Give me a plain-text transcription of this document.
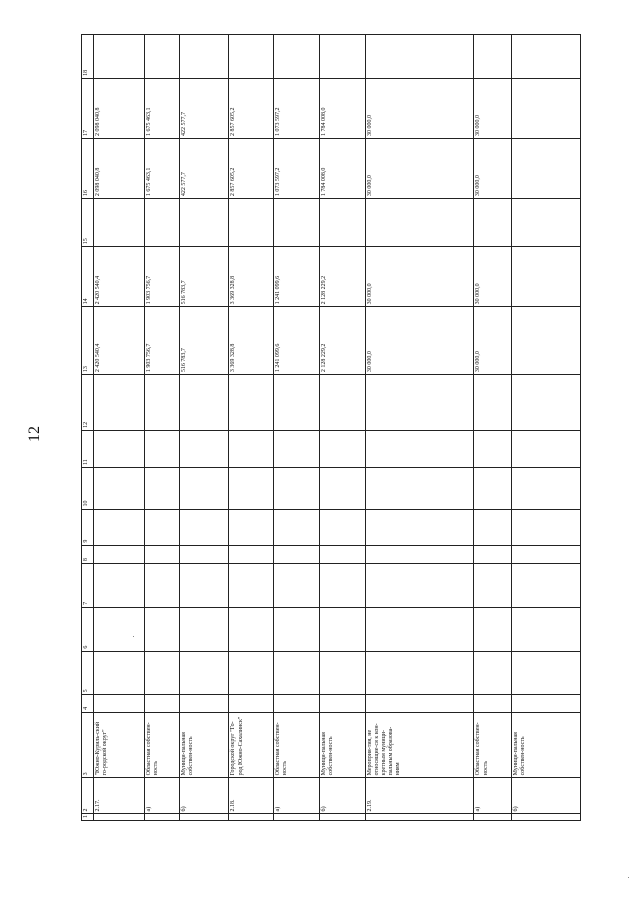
12
1	2	3	4	5	6	7	8	9	10	11	12	13	14	15	16	17	18
	2.17.	"Южно-Куриль-ский го-родской округ"										2 420 540,4	2 420 540,4		2 098 040,8	2 098 040,8	
	а)	Областная собствен-ность										1 903 756,7	1 903 756,7		1 675 463,1	1 675 463,1	
	б)	Муници-пальная собствен-ность										516 783,7	516 783,7		422 577,7	422 577,7	
	2.18.	Городской округ "Го-род Южно-Сахалинск"										3 369 328,8	3 369 328,8		2 857 605,2	2 857 605,2	
	а)	Областная собствен-ность										1 241 099,6	1 241 099,6		1 073 597,2	1 073 597,2	
	б)	Муници-пальная собствен-ность										2 128 229,2	2 128 229,2		1 784 008,0	1 784 008,0	
	2.19.	Мероприя-тия, не относящие-ся к кон-кретным муници-пальным образова-ниям										30 000,0	30 000,0		30 000,0	30 000,0	
	а)	Областная собствен-ность										30 000,0	30 000,0		30 000,0	30 000,0	
	б)	Муници-пальная собствен-ность															
